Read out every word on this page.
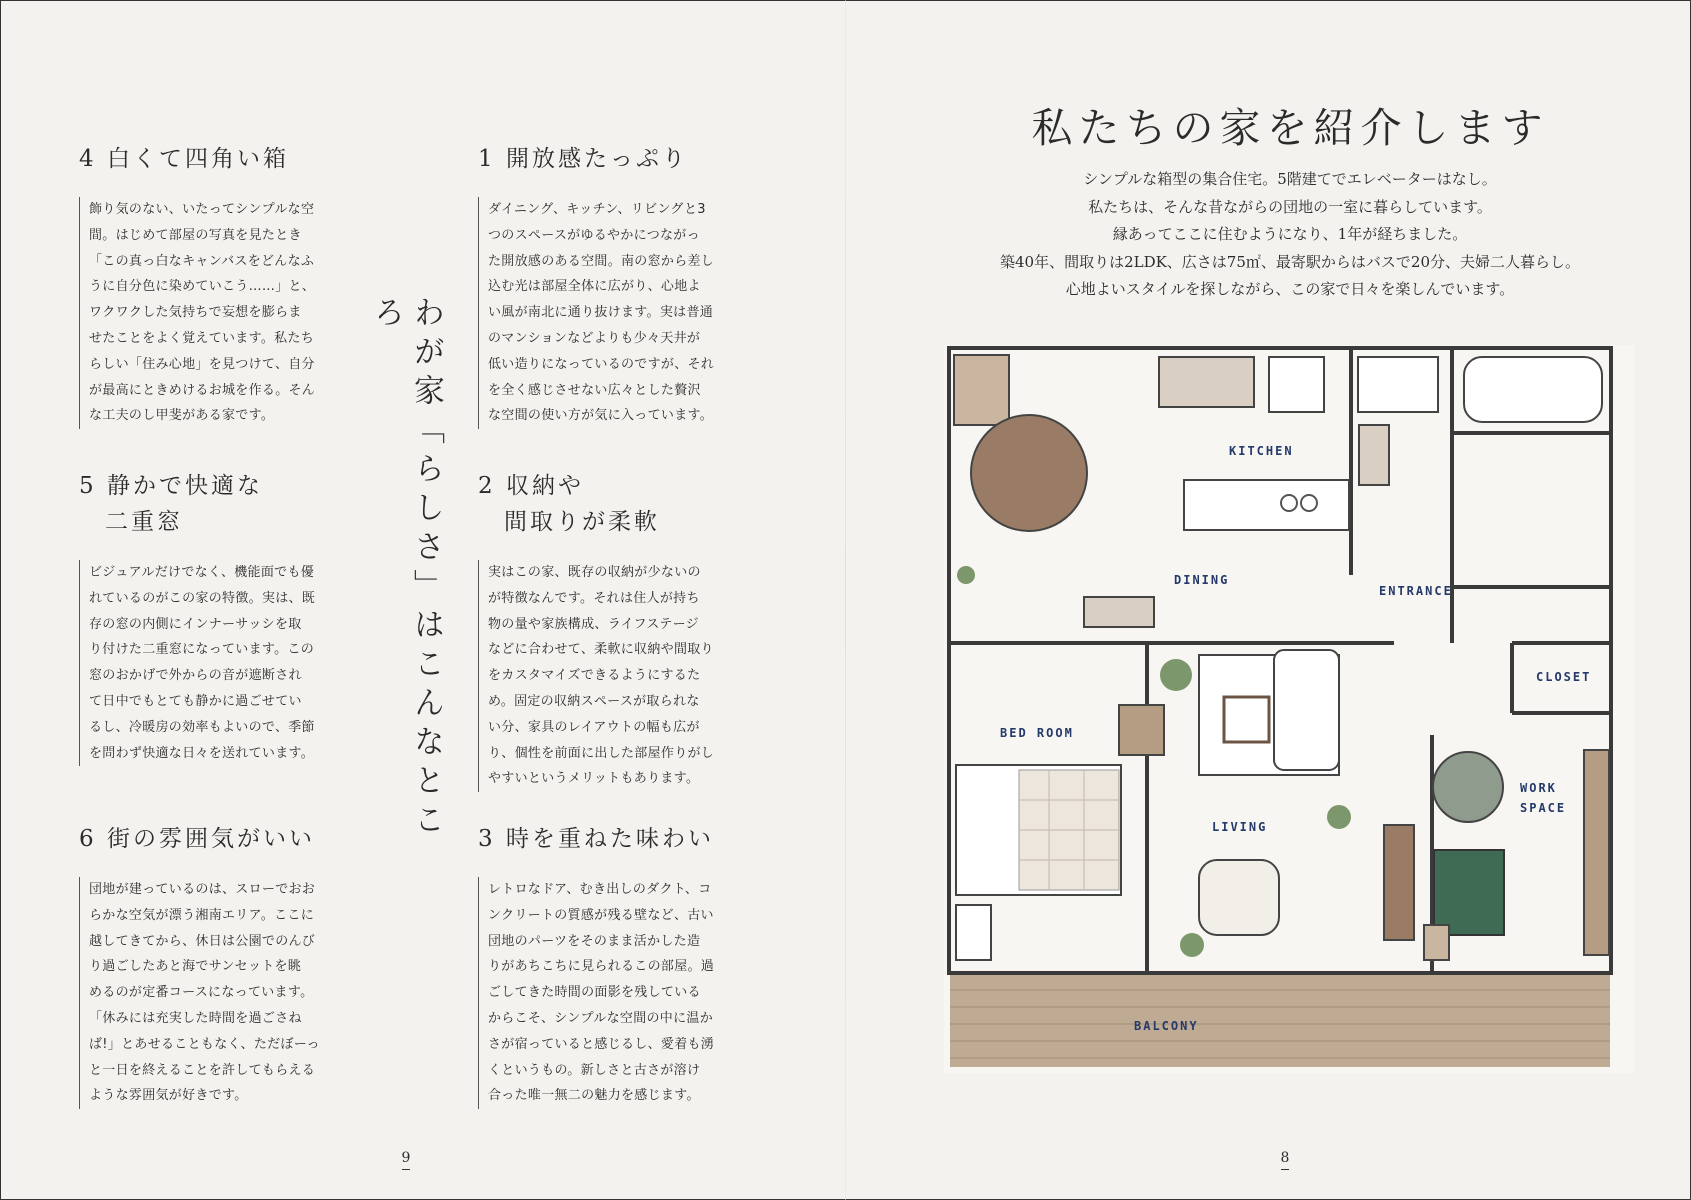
4 白くて四角い箱

飾り気のない、いたってシンプルな空
間。はじめて部屋の写真を見たとき
「この真っ白なキャンバスをどんなふ
うに自分色に染めていこう……」と、
ワクワクした気持ちで妄想を膨らま
せたことをよく覚えています。私たち
らしい「住み心地」を見つけて、自分
が最高にときめけるお城を作る。そん
な工夫のし甲斐がある家です。

5 静かで快適な
　二重窓

ビジュアルだけでなく、機能面でも優
れているのがこの家の特徴。実は、既
存の窓の内側にインナーサッシを取
り付けた二重窓になっています。この
窓のおかげで外からの音が遮断され
て日中でもとても静かに過ごせてい
るし、冷暖房の効率もよいので、季節
を問わず快適な日々を送れています。

6 街の雰囲気がいい

団地が建っているのは、スローでおお
らかな空気が漂う湘南エリア。ここに
越してきてから、休日は公園でのんび
り過ごしたあと海でサンセットを眺
めるのが定番コースになっています。
「休みには充実した時間を過ごさね
ば!」とあせることもなく、ただぼーっ
と一日を終えることを許してもらえる
ような雰囲気が好きです。

わが家「らしさ」はこんなところ
1 開放感たっぷり

ダイニング、キッチン、リビングと3
つのスペースがゆるやかにつながっ
た開放感のある空間。南の窓から差し
込む光は部屋全体に広がり、心地よ
い風が南北に通り抜けます。実は普通
のマンションなどよりも少々天井が
低い造りになっているのですが、それ
を全く感じさせない広々とした贅沢
な空間の使い方が気に入っています。

2 収納や
　間取りが柔軟

実はこの家、既存の収納が少ないの
が特徴なんです。それは住人が持ち
物の量や家族構成、ライフステージ
などに合わせて、柔軟に収納や間取り
をカスタマイズできるようにするた
め。固定の収納スペースが取られな
い分、家具のレイアウトの幅も広が
り、個性を前面に出した部屋作りがし
やすいというメリットもあります。

3 時を重ねた味わい

レトロなドア、むき出しのダクト、コ
ンクリートの質感が残る壁など、古い
団地のパーツをそのまま活かした造
りがあちこちに見られるこの部屋。過
ごしてきた時間の面影を残している
からこそ、シンプルな空間の中に温か
さが宿っていると感じるし、愛着も湧
くというもの。新しさと古さが溶け
合った唯一無二の魅力を感じます。

9
私たちの家を紹介します
シンプルな箱型の集合住宅。5階建てでエレベーターはなし。
私たちは、そんな昔ながらの団地の一室に暮らしています。
縁あってここに住むようになり、1年が経ちました。
築40年、間取りは2LDK、広さは75㎡、最寄駅からはバスで20分、夫婦二人暮らし。
心地よいスタイルを探しながら、この家で日々を楽しんでいます。
KITCHEN
DINING
ENTRANCE
CLOSET
BED ROOM
WORK
SPACE
LIVING
BALCONY
8
